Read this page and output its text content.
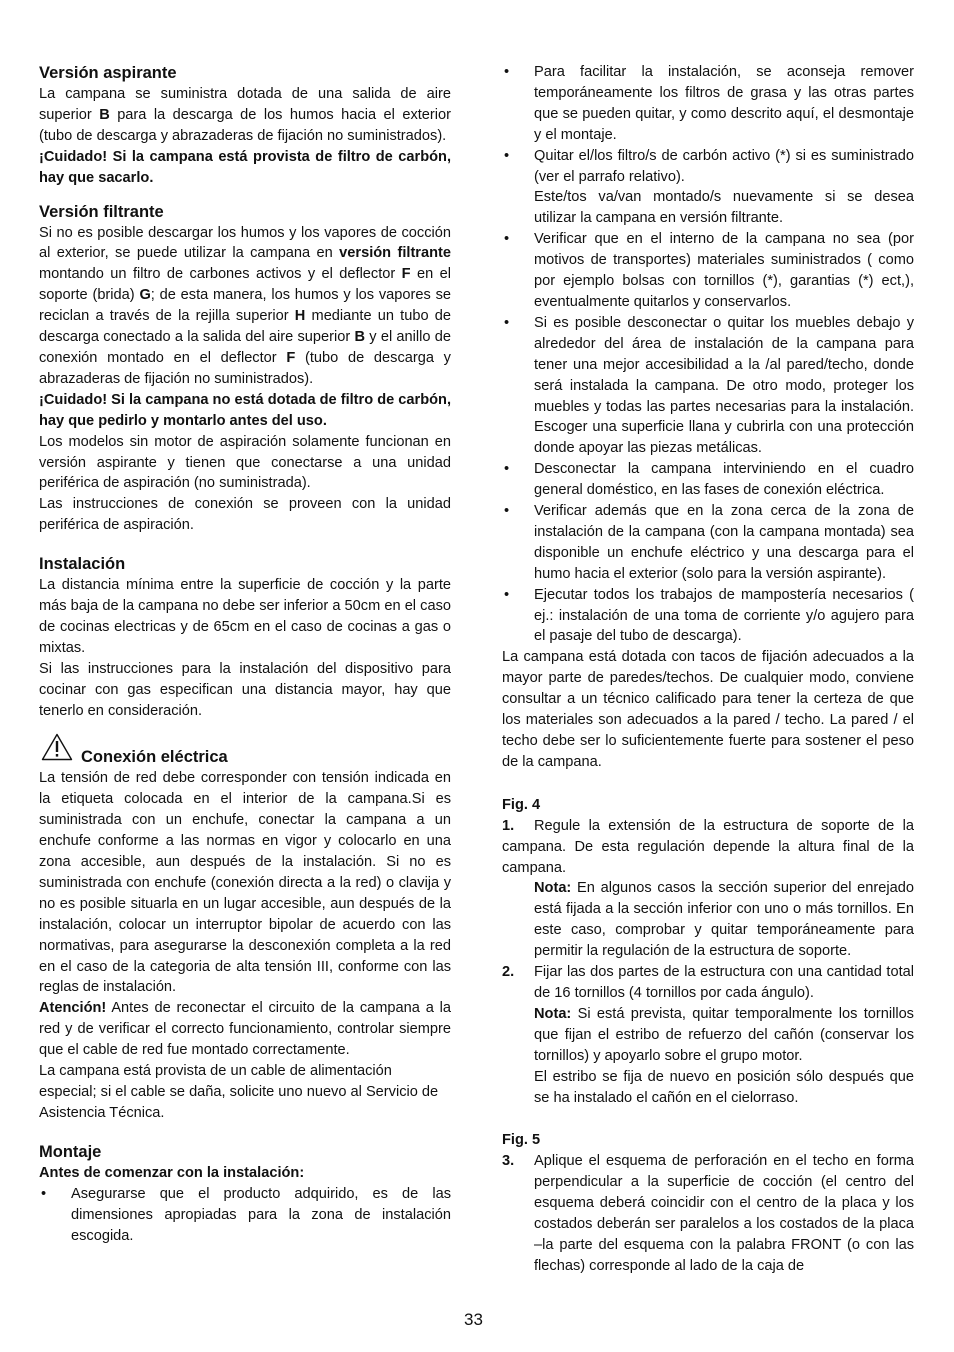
Versión aspirante
La campana se suministra dotada de una salida de aire superior B para la descarga de los humos hacia el exterior (tubo de descarga y abrazaderas de fijación no suministrados).
¡Cuidado! Si la campana está provista de filtro de carbón, hay que sacarlo.
Versión filtrante
Si no es posible descargar los humos y los vapores de cocción al exterior, se puede utilizar la campana en versión filtrante montando un filtro de carbones activos y el deflector F en el soporte (brida) G; de esta manera, los humos y los vapores se reciclan a través de la rejilla superior H mediante un tubo de descarga conectado a la salida del aire superior B y el anillo de conexión montado en el deflector F (tubo de descarga y abrazaderas de fijación no suministrados).
¡Cuidado! Si la campana no está dotada de filtro de carbón, hay que pedirlo y montarlo antes del uso.
Los modelos sin motor de aspiración solamente funcionan en versión aspirante y tienen que conectarse a una unidad periférica de aspiración (no suministrada).
Las instrucciones de conexión se proveen con la unidad periférica de aspiración.
Instalación
La distancia mínima entre la superficie de cocción y la parte más baja de la campana no debe ser inferior a 50cm en el caso de cocinas electricas y de 65cm en el caso de cocinas a gas o mixtas.
Si las instrucciones para la instalación del dispositivo para cocinar con gas especifican una distancia mayor, hay que tenerlo en consideración.
Conexión eléctrica
La tensión de red debe corresponder con tensión indicada en la etiqueta colocada en el interior de la campana.Si es suministrada con un enchufe, conectar la campana a un enchufe conforme a las normas en vigor y colocarlo en una zona accesible, aun después de la instalación. Si no es suministrada con enchufe (conexión directa a la red) o clavija y no es posible situarla en un lugar accesible, aun después de la instalación, colocar un interruptor bipolar de acuerdo con las normativas, para asegurarse la desconexión completa a la red en el caso de la categoria de alta tensión III, conforme con las reglas de instalación.
Atención! Antes de reconectar el circuito de la campana a la red y de verificar el correcto funcionamiento, controlar siempre que el cable de red fue montado correctamente.
La campana está provista de un cable de alimentación especial; si el cable se daña, solicite uno nuevo al Servicio de Asistencia Técnica.
Montaje
Antes de comenzar con la instalación:
• Asegurarse que el producto adquirido, es de las dimensiones apropiadas para la zona de instalación escogida.
• Para facilitar la instalación, se aconseja remover temporáneamente los filtros de grasa y las otras partes que se pueden quitar, y como descrito aquí, el desmontaje y el montaje.
• Quitar el/los filtro/s de carbón activo (*) si es suministrado (ver el parrafo relativo).
Este/tos va/van montado/s nuevamente si se desea utilizar la campana en versión filtrante.
• Verificar que en el interno de la campana no sea (por motivos de transportes) materiales suministrados ( como por ejemplo bolsas con tornillos (*), garantias (*) ect,), eventualmente quitarlos y conservarlos.
• Si es posible desconectar o quitar los muebles debajo y alrededor del área de instalación de la campana para tener una mejor accesibilidad a la /al pared/techo, donde será instalada la campana. De otro modo, proteger los muebles y todas las partes necesarias para la instalación. Escoger una superficie llana y cubrirla con una protección donde apoyar las piezas metálicas.
• Desconectar la campana interviniendo en el cuadro general doméstico, en las fases de conexión eléctrica.
• Verificar además que en la zona cerca de la zona de instalación de la campana (con la campana montada) sea disponible un enchufe eléctrico y una descarga para el humo hacia el exterior (solo para la versión aspirante).
• Ejecutar todos los trabajos de mampostería necesarios ( ej.: instalación de una toma de corriente y/o agujero para el pasaje del tubo de descarga).
La campana está dotada con tacos de fijación adecuados a la mayor parte de paredes/techos. De cualquier modo, conviene consultar a un técnico calificado para tener la certeza de que los materiales son adecuados a la pared / techo. La pared / el techo debe ser lo suficientemente fuerte para sostener el peso de la campana.
Fig. 4
1.	Regule la extensión de la estructura de soporte de la campana. De esta regulación depende la altura final de la campana.
Nota: En algunos casos la sección superior del enrejado está fijada a la sección inferior con uno o más tornillos. En este caso, comprobar y quitar temporáneamente para permitir la regulación de la estructura de soporte.
2. Fijar las dos partes de la estructura con una cantidad total de 16 tornillos (4 tornillos por cada ángulo).
Nota: Si está prevista, quitar temporalmente los tornillos que fijan el estribo de refuerzo del cañón (conservar los tornillos) y apoyarlo sobre el grupo motor.
El estribo se fija de nuevo en posición sólo después que se ha instalado el cañón en el cielorraso.
Fig. 5
3. Aplique el esquema de perforación en el techo en forma perpendicular a la superficie de cocción (el centro del esquema deberá coincidir con el centro de la placa y los costados deberán ser paralelos a los costados de la placa –la parte del esquema con la palabra FRONT (o con las flechas) corresponde al lado de la caja de
33
